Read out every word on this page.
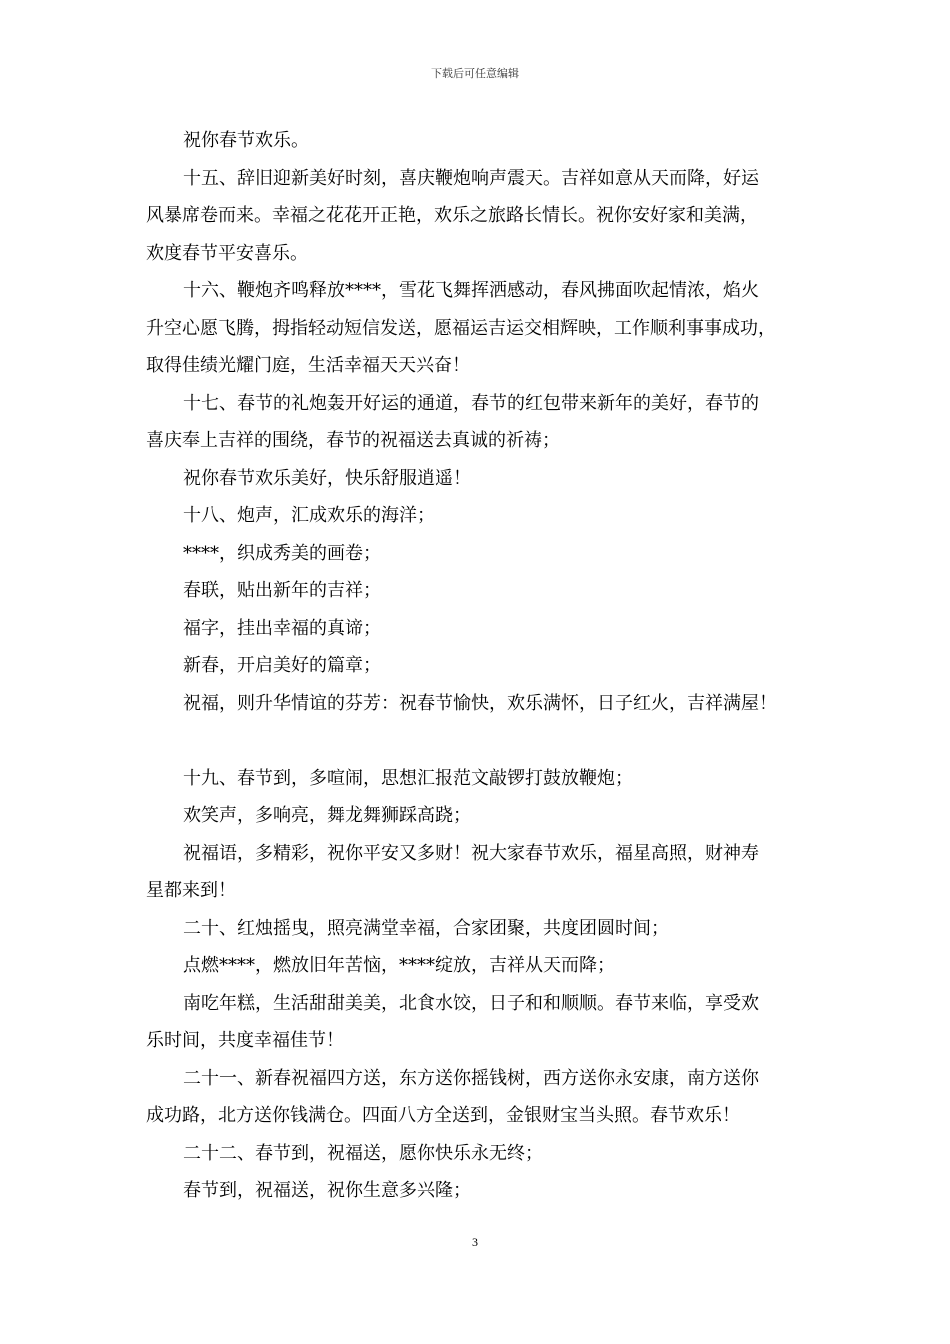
下载后可任意编辑
祝你春节欢乐。
十五、辞旧迎新美好时刻，喜庆鞭炮响声震天。吉祥如意从天而降，好运
风暴席卷而来。幸福之花花开正艳，欢乐之旅路长情长。祝你安好家和美满，
欢度春节平安喜乐。
十六、鞭炮齐鸣释放****，雪花飞舞挥洒感动，春风拂面吹起情浓，焰火
升空心愿飞腾，拇指轻动短信发送，愿福运吉运交相辉映，工作顺利事事成功，
取得佳绩光耀门庭，生活幸福天天兴奋！
十七、春节的礼炮轰开好运的通道，春节的红包带来新年的美好，春节的
喜庆奉上吉祥的围绕，春节的祝福送去真诚的祈祷；
祝你春节欢乐美好，快乐舒服逍遥！
十八、炮声，汇成欢乐的海洋；
****，织成秀美的画卷；
春联，贴出新年的吉祥；
福字，挂出幸福的真谛；
新春，开启美好的篇章；
祝福，则升华情谊的芬芳：祝春节愉快，欢乐满怀，日子红火，吉祥满屋！
十九、春节到，多喧闹，思想汇报范文敲锣打鼓放鞭炮；
欢笑声，多响亮，舞龙舞狮踩高跷；
祝福语，多精彩，祝你平安又多财！祝大家春节欢乐，福星高照，财神寿
星都来到！
二十、红烛摇曳，照亮满堂幸福，合家团聚，共度团圆时间；
点燃****，燃放旧年苦恼，****绽放，吉祥从天而降；
南吃年糕，生活甜甜美美，北食水饺，日子和和顺顺。春节来临，享受欢
乐时间，共度幸福佳节！
二十一、新春祝福四方送，东方送你摇钱树，西方送你永安康，南方送你
成功路，北方送你钱满仓。四面八方全送到，金银财宝当头照。春节欢乐！
二十二、春节到，祝福送，愿你快乐永无终；
春节到，祝福送，祝你生意多兴隆；
3
